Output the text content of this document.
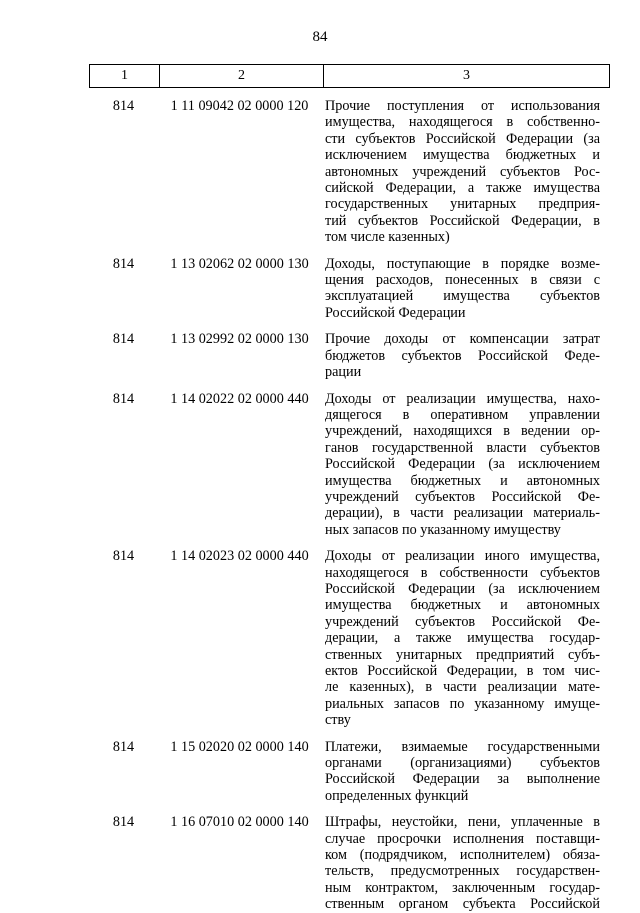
84
1	2	3
814	1 11 09042 02 0000 120	Прочие поступления от использования
имущества, находящегося в собственно-
сти субъектов Российской Федерации (за
исключением имущества бюджетных и
автономных учреждений субъектов Рос-
сийской Федерации, а также имущества
государственных унитарных предприя-
тий субъектов Российской Федерации, в
том числе казенных)
814	1 13 02062 02 0000 130	Доходы, поступающие в порядке возме-
щения расходов, понесенных в связи с
эксплуатацией имущества субъектов
Российской Федерации
814	1 13 02992 02 0000 130	Прочие доходы от компенсации затрат
бюджетов субъектов Российской Феде-
рации
814	1 14 02022 02 0000 440	Доходы от реализации имущества, нахо-
дящегося в оперативном управлении
учреждений, находящихся в ведении ор-
ганов государственной власти субъектов
Российской Федерации (за исключением
имущества бюджетных и автономных
учреждений субъектов Российской Фе-
дерации), в части реализации материаль-
ных запасов по указанному имуществу
814	1 14 02023 02 0000 440	Доходы от реализации иного имущества,
находящегося в собственности субъектов
Российской Федерации (за исключением
имущества бюджетных и автономных
учреждений субъектов Российской Фе-
дерации, а также имущества государ-
ственных унитарных предприятий субъ-
ектов Российской Федерации, в том чис-
ле казенных), в части реализации мате-
риальных запасов по указанному имуще-
ству
814	1 15 02020 02 0000 140	Платежи, взимаемые государственными
органами (организациями) субъектов
Российской Федерации за выполнение
определенных функций
814	1 16 07010 02 0000 140	Штрафы, неустойки, пени, уплаченные в
случае просрочки исполнения поставщи-
ком (подрядчиком, исполнителем) обяза-
тельств, предусмотренных государствен-
ным контрактом, заключенным государ-
ственным органом субъекта Российской
